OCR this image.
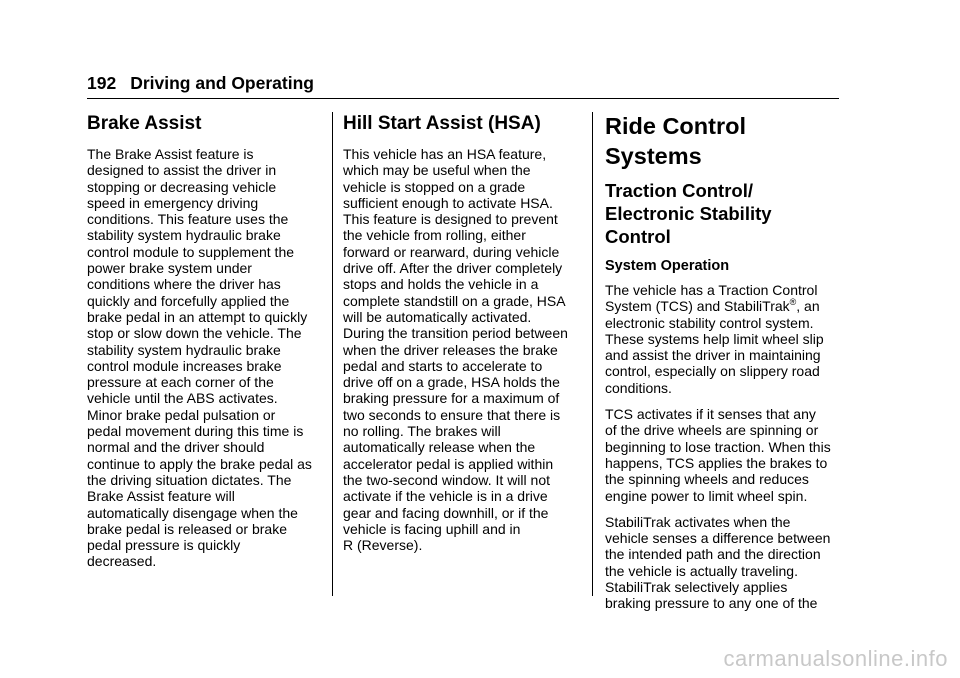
192 Driving and Operating
Brake Assist

The Brake Assist feature is
designed to assist the driver in
stopping or decreasing vehicle
speed in emergency driving
conditions. This feature uses the
stability system hydraulic brake
control module to supplement the
power brake system under
conditions where the driver has
quickly and forcefully applied the
brake pedal in an attempt to quickly
stop or slow down the vehicle. The
stability system hydraulic brake
control module increases brake
pressure at each corner of the
vehicle until the ABS activates.
Minor brake pedal pulsation or
pedal movement during this time is
normal and the driver should
continue to apply the brake pedal as
the driving situation dictates. The
Brake Assist feature will
automatically disengage when the
brake pedal is released or brake
pedal pressure is quickly
decreased.

Hill Start Assist (HSA)

This vehicle has an HSA feature,
which may be useful when the
vehicle is stopped on a grade
sufficient enough to activate HSA.
This feature is designed to prevent
the vehicle from rolling, either
forward or rearward, during vehicle
drive off. After the driver completely
stops and holds the vehicle in a
complete standstill on a grade, HSA
will be automatically activated.
During the transition period between
when the driver releases the brake
pedal and starts to accelerate to
drive off on a grade, HSA holds the
braking pressure for a maximum of
two seconds to ensure that there is
no rolling. The brakes will
automatically release when the
accelerator pedal is applied within
the two-second window. It will not
activate if the vehicle is in a drive
gear and facing downhill, or if the
vehicle is facing uphill and in
R (Reverse).

Ride Control Systems
Traction Control/
Electronic Stability
Control
System Operation

The vehicle has a Traction Control
System (TCS) and StabiliTrak®, an
electronic stability control system.
These systems help limit wheel slip
and assist the driver in maintaining
control, especially on slippery road
conditions.

TCS activates if it senses that any
of the drive wheels are spinning or
beginning to lose traction. When this
happens, TCS applies the brakes to
the spinning wheels and reduces
engine power to limit wheel spin.

StabiliTrak activates when the
vehicle senses a difference between
the intended path and the direction
the vehicle is actually traveling.
StabiliTrak selectively applies
braking pressure to any one of the

carmanualsonline.info
